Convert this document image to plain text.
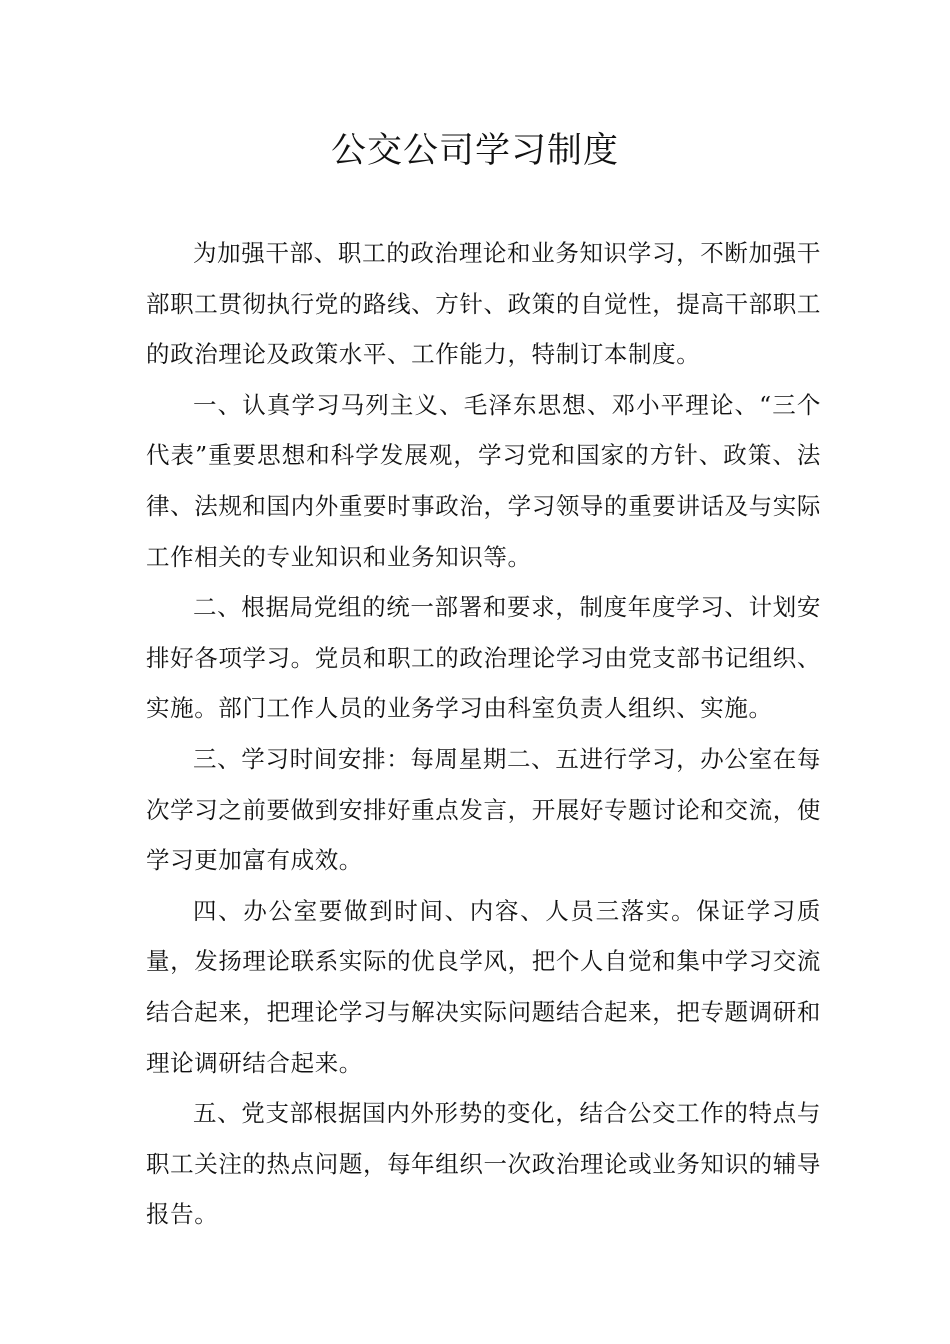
公交公司学习制度

为加强干部、职工的政治理论和业务知识学习，不断加强干部职工贯彻执行党的路线、方针、政策的自觉性，提高干部职工的政治理论及政策水平、工作能力，特制订本制度。

一、认真学习马列主义、毛泽东思想、邓小平理论、“三个代表”重要思想和科学发展观，学习党和国家的方针、政策、法律、法规和国内外重要时事政治，学习领导的重要讲话及与实际工作相关的专业知识和业务知识等。

二、根据局党组的统一部署和要求，制度年度学习、计划安排好各项学习。党员和职工的政治理论学习由党支部书记组织、实施。部门工作人员的业务学习由科室负责人组织、实施。

三、学习时间安排：每周星期二、五进行学习，办公室在每次学习之前要做到安排好重点发言，开展好专题讨论和交流，使学习更加富有成效。

四、办公室要做到时间、内容、人员三落实。保证学习质量，发扬理论联系实际的优良学风，把个人自觉和集中学习交流结合起来，把理论学习与解决实际问题结合起来，把专题调研和理论调研结合起来。

五、党支部根据国内外形势的变化，结合公交工作的特点与职工关注的热点问题，每年组织一次政治理论或业务知识的辅导报告。
